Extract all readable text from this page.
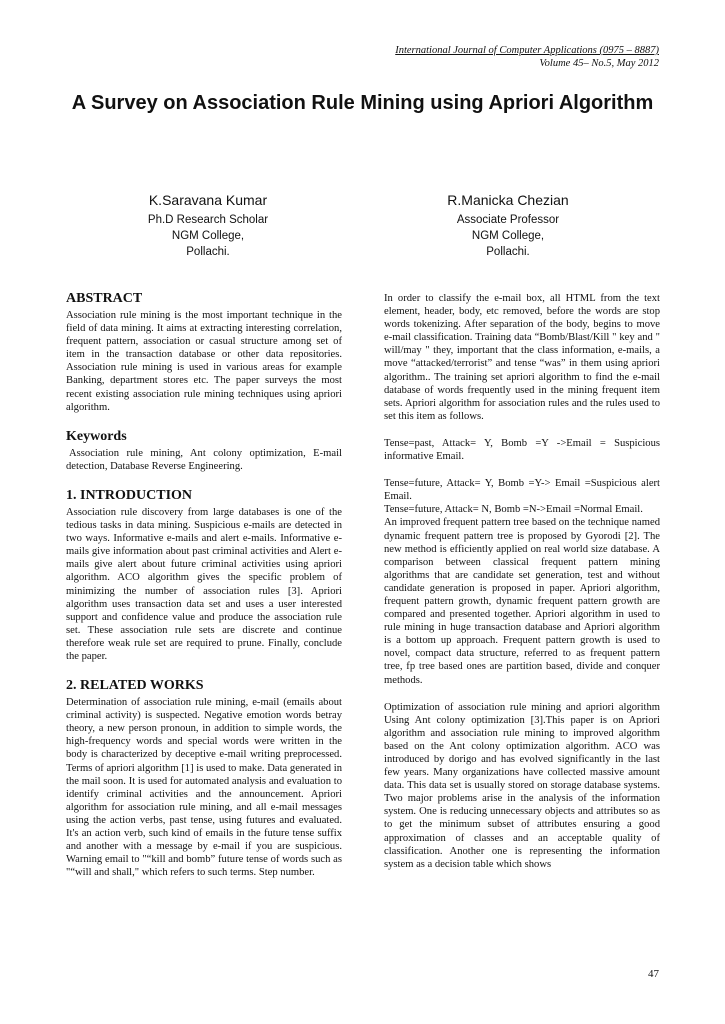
International Journal of Computer Applications (0975 – 8887)
Volume 45– No.5, May 2012
A Survey on Association Rule Mining using Apriori Algorithm
K.Saravana Kumar
Ph.D Research Scholar
NGM College,
Pollachi.
R.Manicka Chezian
Associate Professor
NGM College,
Pollachi.
ABSTRACT

Association rule mining is the most important technique in the field of data mining. It aims at extracting interesting correlation, frequent pattern, association or casual structure among set of item in the transaction database or other data repositories. Association rule mining is used in various areas for example Banking, department stores etc. The paper surveys the most recent existing association rule mining techniques using apriori algorithm.

Keywords

Association rule mining, Ant colony optimization, E-mail detection, Database Reverse Engineering.

1. INTRODUCTION

Association rule discovery from large databases is one of the tedious tasks in data mining. Suspicious e-mails are detected in two ways. Informative e-mails and alert e-mails. Informative e-mails give information about past criminal activities and Alert e-mails give alert about future criminal activities using apriori algorithm. ACO algorithm gives the specific problem of minimizing the number of association rules [3]. Apriori algorithm uses transaction data set and uses a user interested support and confidence value and produce the association rule set. These association rule sets are discrete and continue therefore weak rule set are required to prune. Finally, conclude the paper.

2. RELATED WORKS

Determination of association rule mining, e-mail (emails about criminal activity) is suspected. Negative emotion words betray theory, a new person pronoun, in addition to simple words, the high-frequency words and special words were written in the body is characterized by deceptive e-mail writing preprocessed. Terms of apriori algorithm [1] is used to make. Data generated in the mail soon. It is used for automated analysis and evaluation to identify criminal activities and the announcement. Apriori algorithm for association rule mining, and all e-mail messages using the action verbs, past tense, using futures and evaluated. It's an action verb, such kind of emails in the future tense suffix and another with a message by e-mail if you are suspicious. Warning email to "“kill and bomb” future tense of words such as "“will and shall," which refers to such terms. Step number.

In order to classify the e-mail box, all HTML from the text element, header, body, etc removed, before the words are stop words tokenizing. After separation of the body, begins to move e-mail classification. Training data “Bomb/Blast/Kill " key and " will/may " they, important that the class information, e-mails, a move “attacked/terrorist” and tense “was” in them using apriori algorithm.. The training set apriori algorithm to find the e-mail database of words frequently used in the mining frequent item sets. Apriori algorithm for association rules and the rules used to set this item as follows.

Tense=past, Attack= Y, Bomb =Y ->Email = Suspicious informative Email.

Tense=future, Attack= Y, Bomb =Y-> Email =Suspicious alert Email.

Tense=future, Attack= N, Bomb =N->Email =Normal Email.

An improved frequent pattern tree based on the technique named dynamic frequent pattern tree is proposed by Gyorodi [2]. The new method is efficiently applied on real world size database. A comparison between classical frequent pattern mining algorithms that are candidate set generation, test and without candidate generation is proposed in paper. Apriori algorithm, frequent pattern growth, dynamic frequent pattern growth are compared and presented together. Apriori algorithm in used to rule mining in huge transaction database and Apriori algorithm is a bottom up approach. Frequent pattern growth is used to novel, compact data structure, referred to as frequent pattern tree, fp tree based ones are partition based, divide and conquer methods.

Optimization of association rule mining and apriori algorithm Using Ant colony optimization [3].This paper is on Apriori algorithm and association rule mining to improved algorithm based on the Ant colony optimization algorithm. ACO was introduced by dorigo and has evolved significantly in the last few years. Many organizations have collected massive amount data. This data set is usually stored on storage database systems. Two major problems arise in the analysis of the information system. One is reducing unnecessary objects and attributes so as to get the minimum subset of attributes ensuring a good approximation of classes and an acceptable quality of classification. Another one is representing the information system as a decision table which shows

47
